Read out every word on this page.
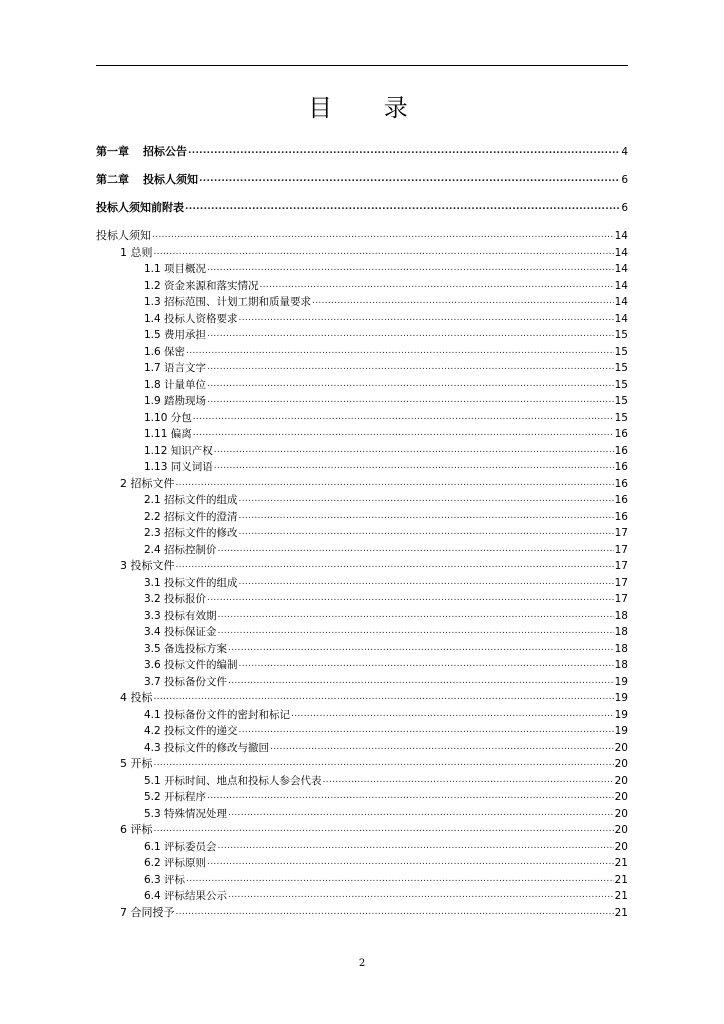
目 录
第一章 招标公告 .....	4
第二章 投标人须知 .....	6
投标人须知前附表 .....	6
投标人须知 .....	14
1 总则 .....	14
1.1 项目概况 .....	14
1.2 资金来源和落实情况 .....	14
1.3 招标范围、计划工期和质量要求 .....	14
1.4 投标人资格要求 .....	14
1.5 费用承担 .....	15
1.6 保密 .....	15
1.7 语言文字 .....	15
1.8 计量单位 .....	15
1.9 踏勘现场 .....	15
1.10 分包 .....	15
1.11 偏离 .....	16
1.12 知识产权 .....	16
1.13 同义词语 .....	16
2 招标文件 .....	16
2.1 招标文件的组成 .....	16
2.2 招标文件的澄清 .....	16
2.3 招标文件的修改 .....	17
2.4 招标控制价 .....	17
3 投标文件 .....	17
3.1 投标文件的组成 .....	17
3.2 投标报价 .....	17
3.3 投标有效期 .....	18
3.4 投标保证金 .....	18
3.5 备选投标方案 .....	18
3.6 投标文件的编制 .....	18
3.7 投标备份文件 .....	19
4 投标 .....	19
4.1 投标备份文件的密封和标记 .....	19
4.2 投标文件的递交 .....	19
4.3 投标文件的修改与撤回 .....	20
5 开标 .....	20
5.1 开标时间、地点和投标人参会代表 .....	20
5.2 开标程序 .....	20
5.3 特殊情况处理 .....	20
6 评标 .....	20
6.1 评标委员会 .....	20
6.2 评标原则 .....	21
6.3 评标 .....	21
6.4 评标结果公示 .....	21
7 合同授予 .....	21
2
